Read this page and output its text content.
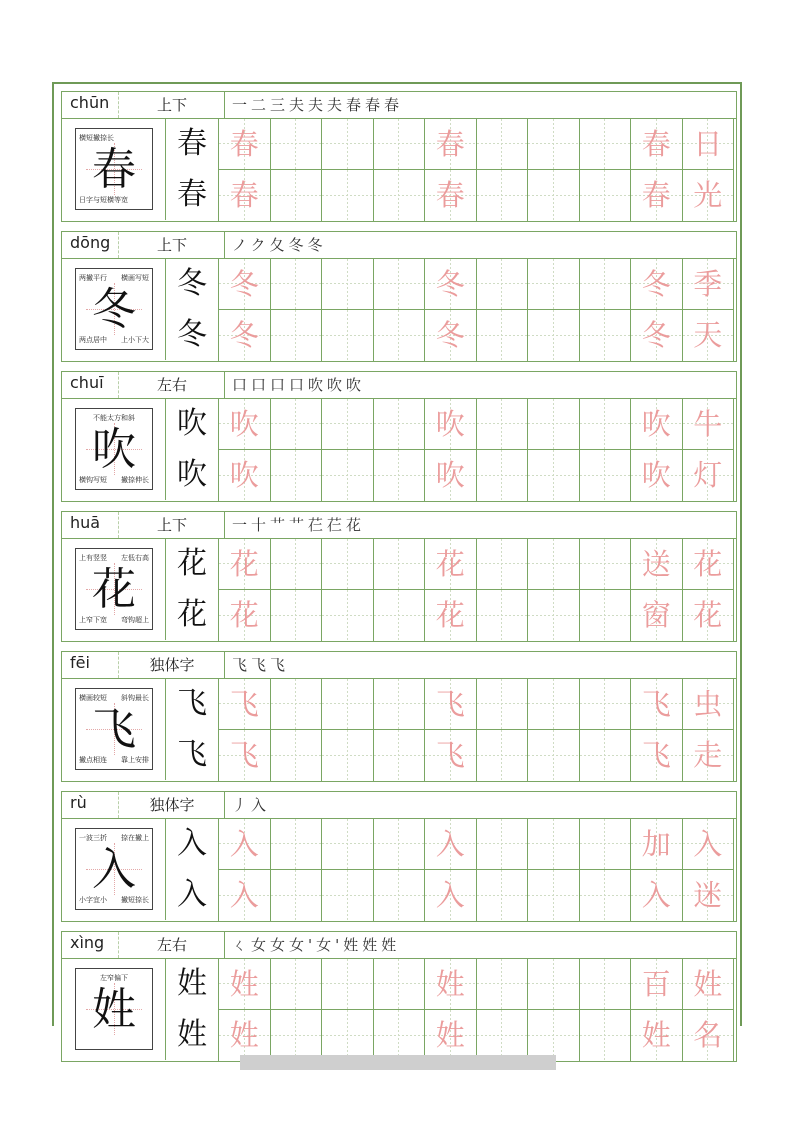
chūn	上下	一二三夫夫夫春春春
春
横短撇捺长
日字与短横等宽
春
春
春	春	春 日
春	春	春 光
dōng	上下	ノク夂冬冬
冬
两撇平行 横画写短
两点居中 上小下大
冬
冬
冬	冬	冬 季
冬	冬	冬 天
chuī	左右	口口口口吹吹吹
吹
不能太方和斜
横钩写短 撇捺伸长
吹
吹
吹	吹	吹 牛
吹	吹	吹 灯
huā	上下	一十艹艹芢芢花
花
上有竖竖 左低右高
上窄下宽 弯钩超上
花
花
花	花	送 花
花	花	窗 花
fēi	独体字	飞飞飞
飞
横画较短 斜钩最长
撇点相连 靠上安排
飞
飞
飞	飞	飞 虫
飞	飞	飞 走
rù	独体字	丿入
入
一波三折 捺在撇上
小字宜小 撇短捺长
入
入
入	入	加 入
入	入	入 迷
xìng	左右	ㄑ女女女'女'姓姓姓
姓
左窄偏下	姓
姓
姓	姓	百 姓
姓	姓	姓 名
